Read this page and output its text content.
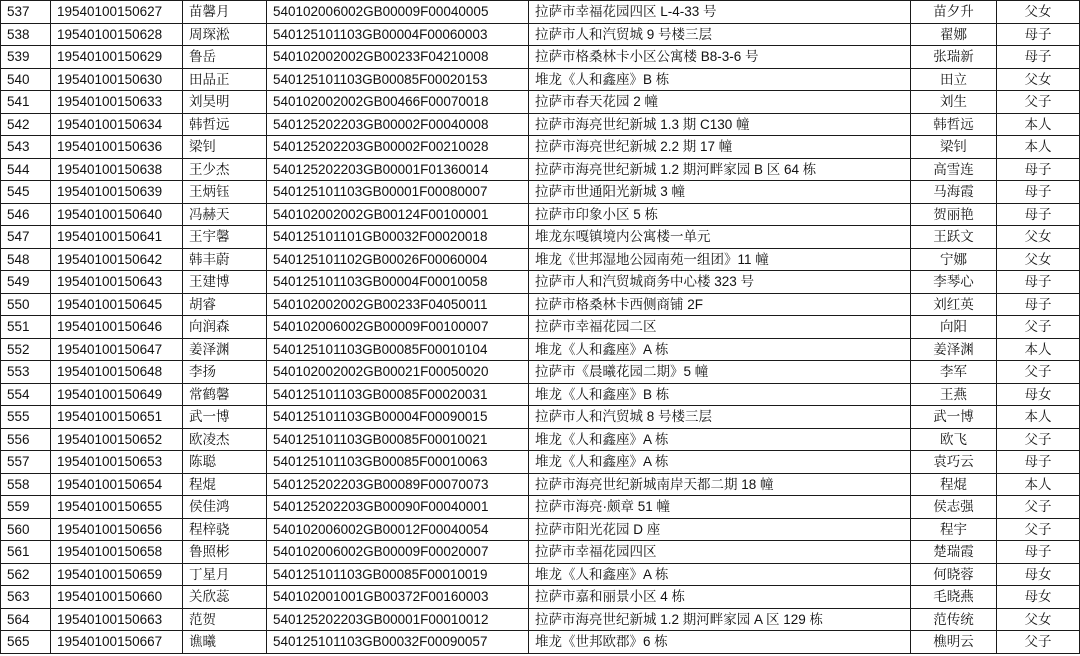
537	19540100150627	苗馨月	540102006002GB00009F00040005	拉萨市幸福花园四区 L-4-33 号	苗夕升	父女
538	19540100150628	周琛淞	540125101103GB00004F00060003	拉萨市人和汽贸城 9 号楼三层	翟娜	母子
539	19540100150629	鲁岳	540102002002GB00233F04210008	拉萨市格桑林卡小区公寓楼 B8-3-6 号	张瑞新	母子
540	19540100150630	田品正	540125101103GB00085F00020153	堆龙《人和鑫座》B 栋	田立	父女
541	19540100150633	刘昊明	540102002002GB00466F00070018	拉萨市春天花园 2 幢	刘生	父子
542	19540100150634	韩哲远	540125202203GB00002F00040008	拉萨市海亮世纪新城 1.3 期 C130 幢	韩哲远	本人
543	19540100150636	梁钊	540125202203GB00002F00210028	拉萨市海亮世纪新城 2.2 期 17 幢	梁钊	本人
544	19540100150638	王少杰	540125202203GB00001F01360014	拉萨市海亮世纪新城 1.2 期河畔家园 B 区 64 栋	高雪连	母子
545	19540100150639	王炳钰	540125101103GB00001F00080007	拉萨市世通阳光新城 3 幢	马海霞	母子
546	19540100150640	冯赫天	540102002002GB00124F00100001	拉萨市印象小区 5 栋	贺丽艳	母子
547	19540100150641	王宇馨	540125101101GB00032F00020018	堆龙东嘎镇境内公寓楼一单元	王跃文	父女
548	19540100150642	韩丰蔚	540125101102GB00026F00060004	堆龙《世邦湿地公园南苑一组团》11 幢	宁娜	父女
549	19540100150643	王建博	540125101103GB00004F00010058	拉萨市人和汽贸城商务中心楼 323 号	李琴心	母子
550	19540100150645	胡睿	540102002002GB00233F04050011	拉萨市格桑林卡西侧商铺 2F	刘红英	母子
551	19540100150646	向润森	540102006002GB00009F00100007	拉萨市幸福花园二区	向阳	父子
552	19540100150647	姜泽渊	540125101103GB00085F00010104	堆龙《人和鑫座》A 栋	姜泽渊	本人
553	19540100150648	李扬	540102002002GB00021F00050020	拉萨市《晨曦花园二期》5 幢	李军	父子
554	19540100150649	常鹤馨	540125101103GB00085F00020031	堆龙《人和鑫座》B 栋	王燕	母女
555	19540100150651	武一博	540125101103GB00004F00090015	拉萨市人和汽贸城 8 号楼三层	武一博	本人
556	19540100150652	欧凌杰	540125101103GB00085F00010021	堆龙《人和鑫座》A 栋	欧飞	父子
557	19540100150653	陈聪	540125101103GB00085F00010063	堆龙《人和鑫座》A 栋	袁巧云	母子
558	19540100150654	程焜	540125202203GB00089F00070073	拉萨市海亮世纪新城南岸天都二期 18 幢	程焜	本人
559	19540100150655	侯佳鸿	540125202203GB00090F00040001	拉萨市海亮·颇章 51 幢	侯志强	父子
560	19540100150656	程梓骁	540102006002GB00012F00040054	拉萨市阳光花园 D 座	程宇	父子
561	19540100150658	鲁照彬	540102006002GB00009F00020007	拉萨市幸福花园四区	楚瑞霞	母子
562	19540100150659	丁星月	540125101103GB00085F00010019	堆龙《人和鑫座》A 栋	何晓蓉	母女
563	19540100150660	关欣蕊	540102001001GB00372F00160003	拉萨市嘉和丽景小区 4 栋	毛晓燕	母女
564	19540100150663	范贺	540125202203GB00001F00010012	拉萨市海亮世纪新城 1.2 期河畔家园 A 区 129 栋	范传统	父女
565	19540100150667	谯曦	540125101103GB00032F00090057	堆龙《世邦欧郡》6 栋	樵明云	父子
